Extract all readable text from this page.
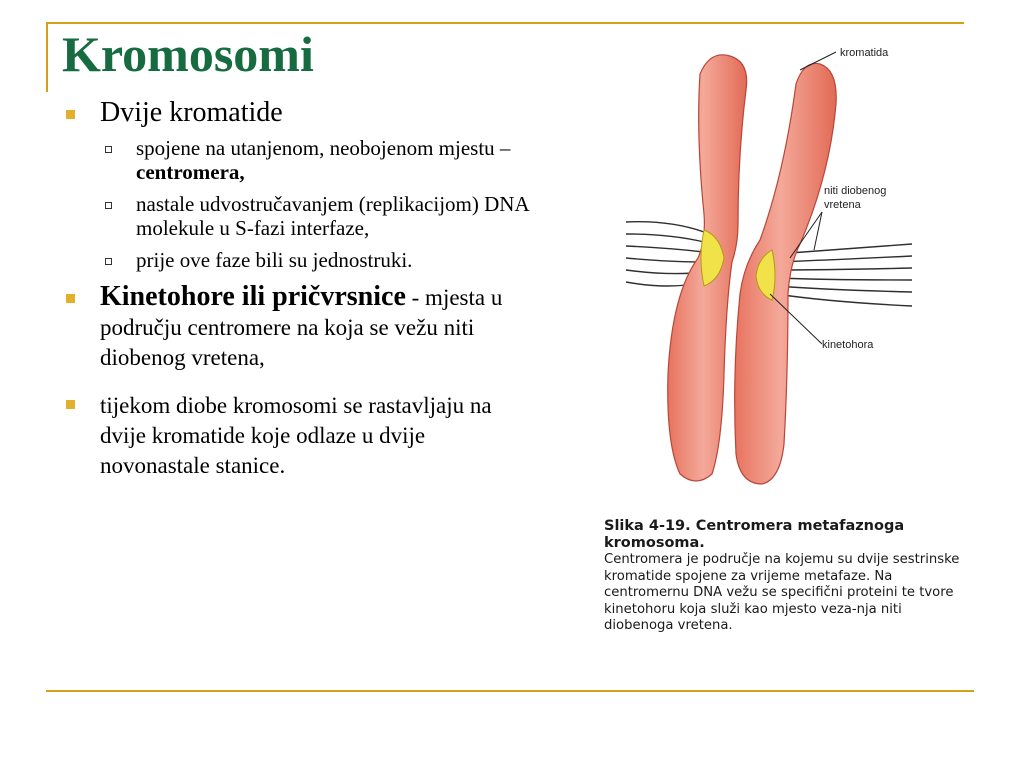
Kromosomi
Dvije kromatide
spojene na utanjenom, neobojenom mjestu – centromera,
nastale udvostručavanjem (replikacijom) DNA molekule u S-fazi interfaze,
prije ove faze bili su jednostruki.
Kinetohore ili pričvrsnice - mjesta u području centromere na koja se vežu niti diobenog vretena,
tijekom diobe kromosomi se rastavljaju na dvije kromatide koje odlaze u dvije novonastale stanice.
kromatida
niti diobenog
vretena
kinetohora
Slika 4-19. Centromera metafaznoga kromosoma.
Centromera je područje na kojemu su dvije sestrinske kromatide spojene za vrijeme metafaze. Na centromernu DNA vežu se specifični proteini te tvore kinetohoru koja služi kao mjesto veza-nja niti diobenoga vretena.
